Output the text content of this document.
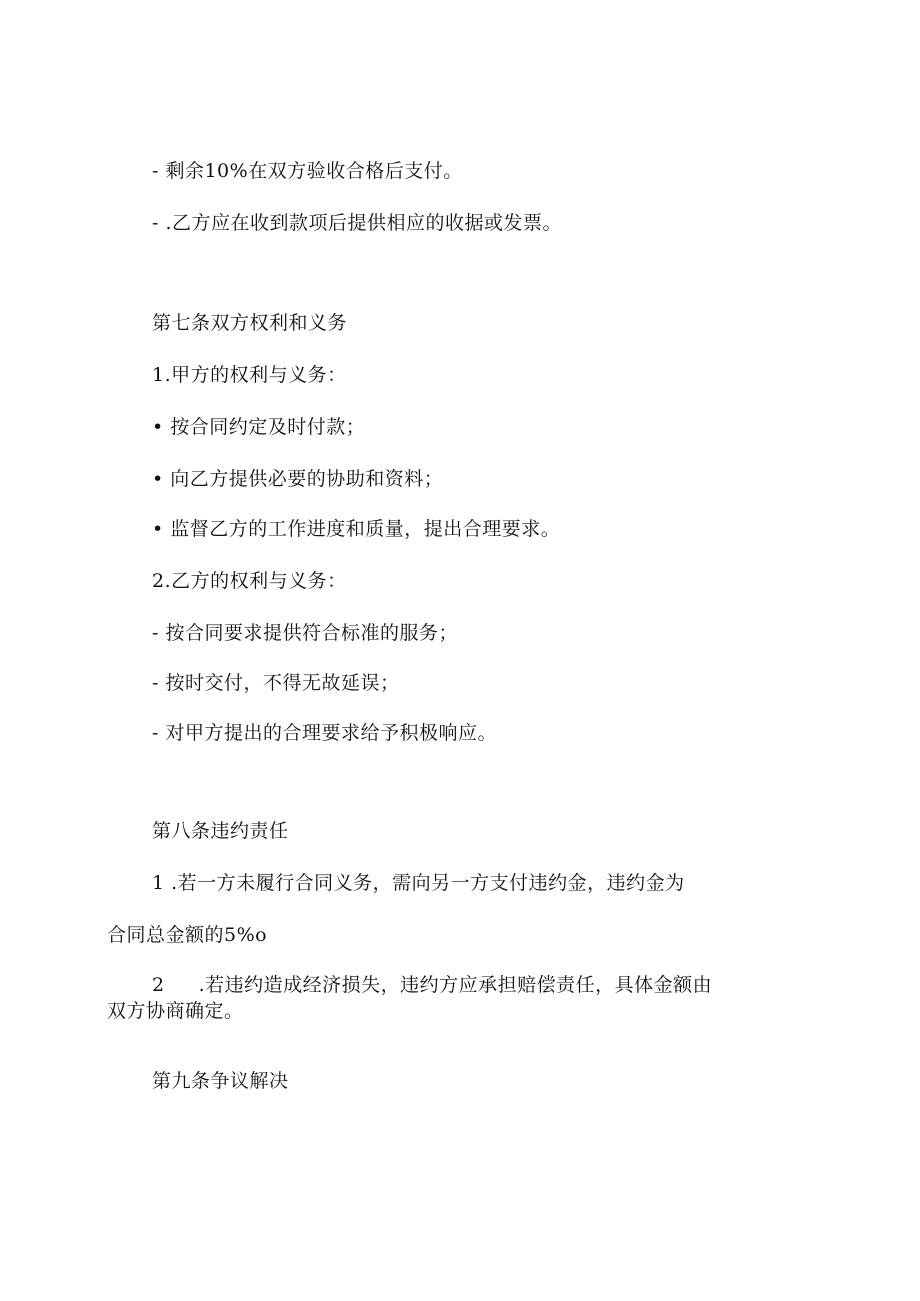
- 剩余10%在双方验收合格后支付。
- .乙方应在收到款项后提供相应的收据或发票。
第七条双方权利和义务
1.甲方的权利与义务：
• 按合同约定及时付款；
• 向乙方提供必要的协助和资料；
• 监督乙方的工作进度和质量，提出合理要求。
2.乙方的权利与义务：
- 按合同要求提供符合标准的服务；
- 按时交付，不得无故延误；
- 对甲方提出的合理要求给予积极响应。
第八条违约责任
1 .若一方未履行合同义务，需向另一方支付违约金，违约金为
合同总金额的5%o
2 .若违约造成经济损失，违约方应承担赔偿责任，具体金额由
双方协商确定。
第九条争议解决
